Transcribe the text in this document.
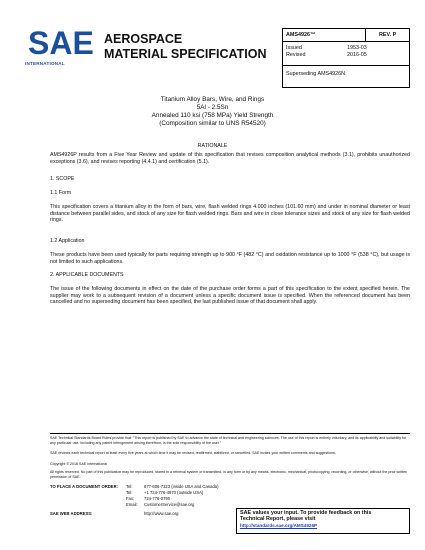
SAE
INTERNATIONAL
AEROSPACE
MATERIAL SPECIFICATION
AMS4926™	REV. P
Issued	1953-03
Revised	2016-05
Superseding AMS4926N
Titanium Alloy Bars, Wire, and Rings
5Al - 2.5Sn
Annealed 110 ksi (758 MPa) Yield Strength
(Composition similar to UNS R54520)
RATIONALE
AMS4926P results from a Five Year Review and update of this specification that revises composition analytical methods (3.1), prohibits unauthorized exceptions (3.6), and revises reporting (4.4.1) and certification (5.1).
1. SCOPE
1.1 Form
This specification covers a titanium alloy in the form of bars, wire, flash welded rings 4.000 inches (101.60 mm) and under in nominal diameter or least distance between parallel sides, and stock of any size for flash welded rings. Bars and wire in close tolerance sizes and stock of any size for flash welded rings.
1.2 Application
These products have been used typically for parts requiring strength up to 900 °F (482 °C) and oxidation resistance up to 1000 °F (538 °C), but usage is not limited to such applications.
2. APPLICABLE DOCUMENTS
The issue of the following documents in effect on the date of the purchase order forms a part of this specification to the extent specified herein. The supplier may work to a subsequent revision of a document unless a specific document issue is specified. When the referenced document has been cancelled and no superseding document has been specified, the last published issue of that document shall apply.
SAE Technical Standards Board Rules provide that: "This report is published by SAE to advance the state of technical and engineering sciences. The use of this report is entirely voluntary, and its applicability and suitability for any particular use, including any patent infringement arising therefrom, is the sole responsibility of the user."
SAE reviews each technical report at least every five years at which time it may be revised, reaffirmed, stabilized, or cancelled. SAE invites your written comments and suggestions.
Copyright © 2016 SAE International
All rights reserved. No part of this publication may be reproduced, stored in a retrieval system or transmitted, in any form or by any means, electronic, mechanical, photocopying, recording, or otherwise, without the prior written permission of SAE.
TO PLACE A DOCUMENT ORDER: Tel:	877-606-7323 (inside USA and Canada)
Tel:	+1 724-776-4970 (outside USA)
Fax: 724-776-0790
Email: CustomerService@sae.org
SAE WEB ADDRESS:	http://www.sae.org	SAE values your input. To provide feedback on this
Technical Report, please visit
http://standards.sae.org/AMS4926P
